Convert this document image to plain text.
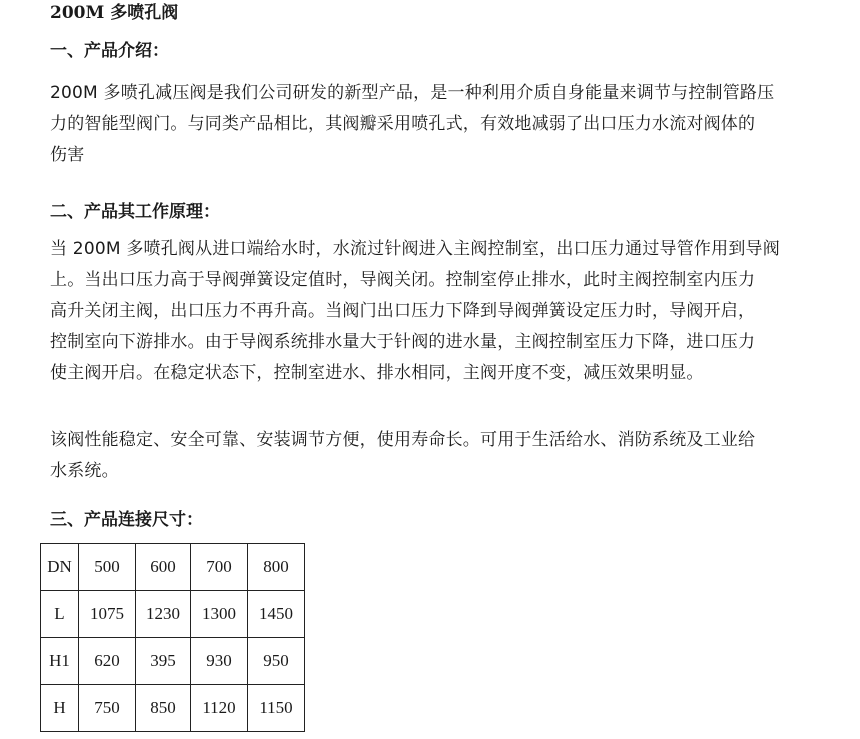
200M 多喷孔阀
一、产品介绍：
200M 多喷孔减压阀是我们公司研发的新型产品，是一种利用介质自身能量来调节与控制管路压
力的智能型阀门。与同类产品相比，其阀瓣采用喷孔式，有效地减弱了出口压力水流对阀体的
伤害
二、产品其工作原理：
当 200M 多喷孔阀从进口端给水时，水流过针阀进入主阀控制室，出口压力通过导管作用到导阀
上。当出口压力高于导阀弹簧设定值时，导阀关闭。控制室停止排水，此时主阀控制室内压力
高升关闭主阀，出口压力不再升高。当阀门出口压力下降到导阀弹簧设定压力时，导阀开启，
控制室向下游排水。由于导阀系统排水量大于针阀的进水量，主阀控制室压力下降，进口压力
使主阀开启。在稳定状态下，控制室进水、排水相同，主阀开度不变，减压效果明显。
该阀性能稳定、安全可靠、安装调节方便，使用寿命长。可用于生活给水、消防系统及工业给
水系统。
三、产品连接尺寸：
DN	500	600	700	800
L	1075	1230	1300	1450
H1	620	395	930	950
H	750	850	1120	1150
